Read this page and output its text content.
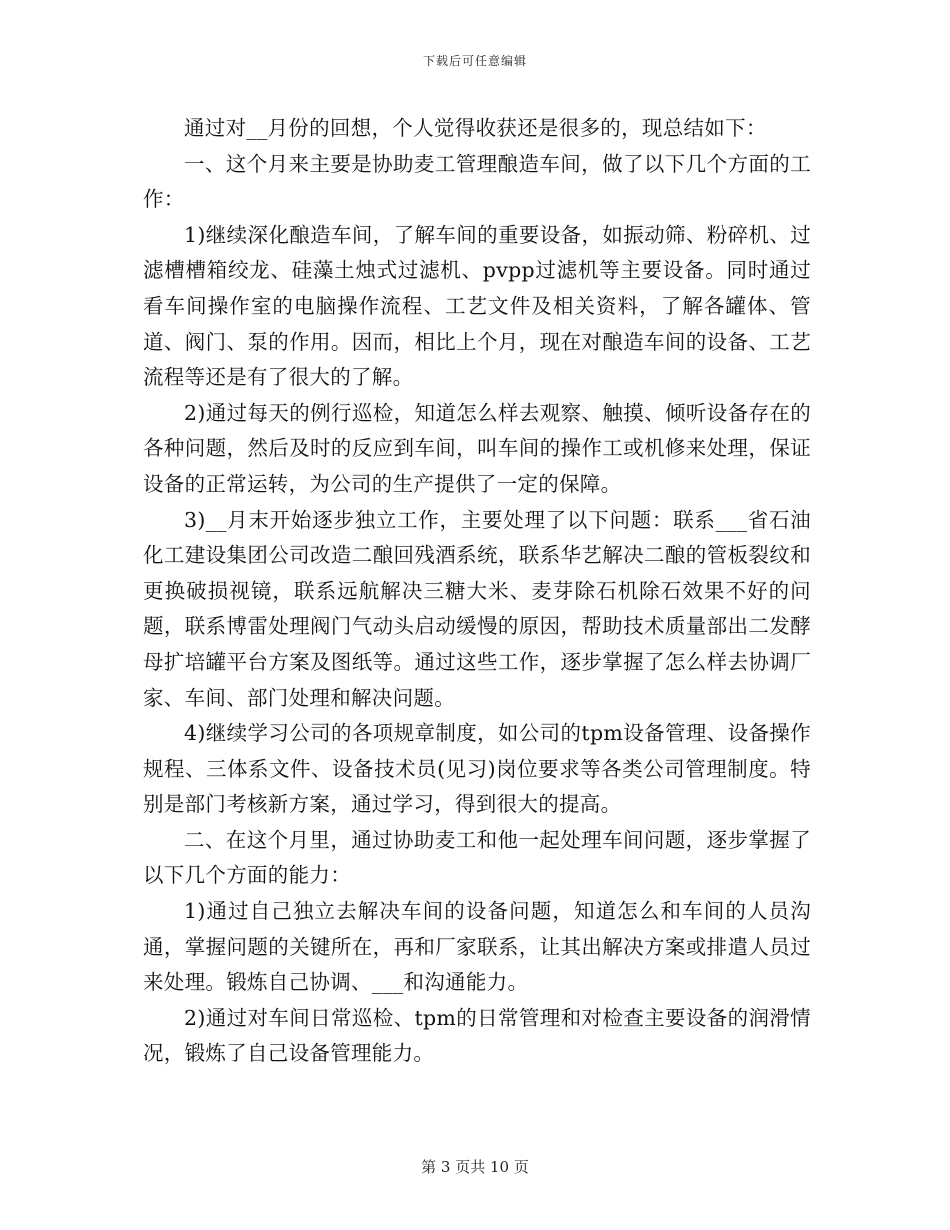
下载后可任意编辑

通过对__月份的回想，个人觉得收获还是很多的，现总结如下：

一、这个月来主要是协助麦工管理酿造车间，做了以下几个方面的工作：

1)继续深化酿造车间，了解车间的重要设备，如振动筛、粉碎机、过滤槽槽箱绞龙、硅藻土烛式过滤机、pvpp过滤机等主要设备。同时通过看车间操作室的电脑操作流程、工艺文件及相关资料，了解各罐体、管道、阀门、泵的作用。因而，相比上个月，现在对酿造车间的设备、工艺流程等还是有了很大的了解。

2)通过每天的例行巡检，知道怎么样去观察、触摸、倾听设备存在的各种问题，然后及时的反应到车间，叫车间的操作工或机修来处理，保证设备的正常运转，为公司的生产提供了一定的保障。

3)__月末开始逐步独立工作，主要处理了以下问题：联系___省石油化工建设集团公司改造二酿回残酒系统，联系华艺解决二酿的管板裂纹和更换破损视镜，联系远航解决三糖大米、麦芽除石机除石效果不好的问题，联系博雷处理阀门气动头启动缓慢的原因，帮助技术质量部出二发酵母扩培罐平台方案及图纸等。通过这些工作，逐步掌握了怎么样去协调厂家、车间、部门处理和解决问题。

4)继续学习公司的各项规章制度，如公司的tpm设备管理、设备操作规程、三体系文件、设备技术员(见习)岗位要求等各类公司管理制度。特别是部门考核新方案，通过学习，得到很大的提高。

二、在这个月里，通过协助麦工和他一起处理车间问题，逐步掌握了以下几个方面的能力：

1)通过自己独立去解决车间的设备问题，知道怎么和车间的人员沟通，掌握问题的关键所在，再和厂家联系，让其出解决方案或排遣人员过来处理。锻炼自己协调、___和沟通能力。

2)通过对车间日常巡检、tpm的日常管理和对检查主要设备的润滑情况，锻炼了自己设备管理能力。

第 3 页共 10 页
